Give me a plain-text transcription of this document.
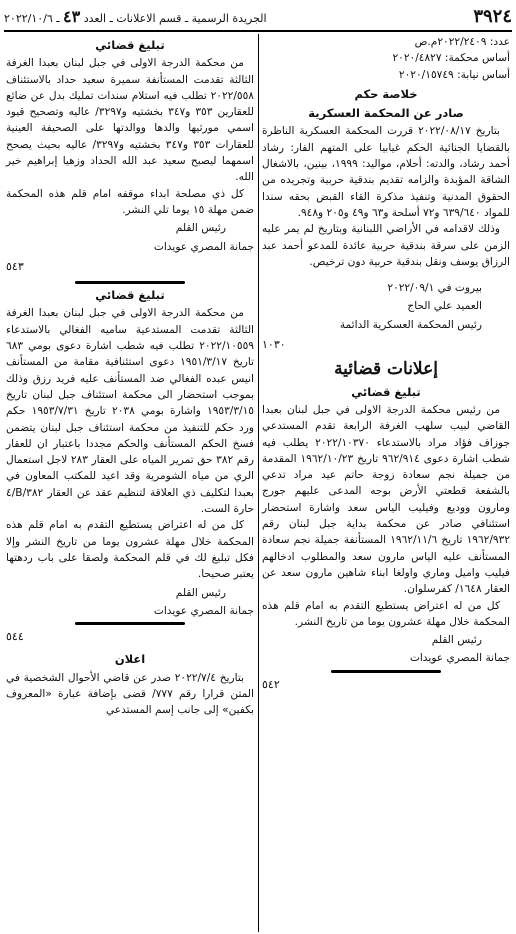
٣٩٢٤
الجريدة الرسمية ـ قسم الاعلانات ـ العدد ٤٣ ـ ٢٠٢٢/١٠/٦
عدد: ٢٠٢٢/٢٤٠٩م.ص
أساس محكمة: ٢٠٢٠/٤٨٢٧
أساس نيابة: ٢٠٢٠/١٥٧٤٩
خلاصة حكم
صادر عن المحكمة العسكرية

بتاريخ ٢٠٢٢/٠٨/١٧ قررت المحكمة العسكرية الناظرة بالقضايا الجنائية الحكم غيابيا على المتهم الفار: رشاد أحمد رشاد، والدته: أحلام، مواليد: ١٩٩٩، بينين، بالاشغال الشاقة المؤبدة والزامه تقديم بندقية حربية وتجريده من الحقوق المدنية وتنفيذ مذكرة القاء القبض بحقه سندا للمواد ٦٣٩/٦٤٠ و٧٢ أسلحة و٦٣ و٤٩ و٢٠٥ و٩٤٨.

وذلك لاقدامه في الأراضي اللبنانية وبتاريخ لم يمر عليه الزمن على سرقة بندقية حربية عائدة للمدعو أحمد عبد الرزاق يوسف ونقل بندقية حربية دون ترخيص.

بيروت في ٢٠٢٢/٠٩/١
العميد علي الحاج
رئيس المحكمة العسكرية الدائمة
١٠٣٠
إعلانات قضائية
تبليغ قضائي

من رئيس محكمة الدرجة الاولى في جبل لبنان بعبدا القاضي لبيب سلهب الغرفة الرابعة تقدم المستدعي جوزاف فؤاد مراد بالاستدعاء ٢٠٢٢/١٠٣٧٠ يطلب فيه شطب اشارة دعوى ٩٦٢/٩١٤ تاريخ ١٩٦٢/١٠/٢٣ المقدمة من جميلة نجم سعادة زوجة حاتم عيد مراد تدعي بالشفعة قطعتي الأرض بوجه المدعى عليهم جورج ومارون ووديع وفيليب الياس سعد واشارة استحضار استئنافي صادر عن محكمة بداية جبل لبنان رقم ١٩٦٢/٩٣٢ تاريخ ١٩٦٢/١١/٦ المستأنفة جميلة نجم سعادة المستأنف عليه الياس مارون سعد والمطلوب ادخالهم فيليب واميل وماري واولغا ابناء شاهين مارون سعد عن العقار ١٦٤٨/ كفرسلوان.

كل من له اعتراض يستطيع التقدم به امام قلم هذه المحكمة خلال مهلة عشرون يوما من تاريخ النشر.

رئيس القلم
جمانة المصري عويدات
٥٤٢
تبليغ قضائي

من محكمة الدرجة الاولى في جبل لبنان بعبدا الغرفة الثالثة تقدمت المستأنفة سميرة سعيد حداد بالاستئناف ٢٠٢٢/٥٥٨ تطلب فيه استلام سندات تمليك بدل عن ضائع للعقارين ٣٥٣ و٣٤٧ بخشتيه و٣٢٩٧/ عاليه وتصحيح قيود اسمي مورثيها والدها ووالدتها على الصحيفة العينية للعقارات ٣٥٣ و٣٤٧ بخشتيه و٣٢٩٧/ عاليه بحيث يصحح اسمهما ليصبح سعيد عبد الله الحداد وزهيا إبراهيم خير الله.

كل ذي مصلحة ابداء موقفه امام قلم هذه المحكمة ضمن مهلة ١٥ يوما تلي النشر.

رئيس القلم
جمانة المصري عويدات
٥٤٣
تبليغ قضائي

من محكمة الدرجة الاولى في جبل لبنان بعبدا الغرفة الثالثة تقدمت المستدعية ساميه الفغالي بالاستدعاء ٢٠٢٢/١٠٥٥٩ تطلب فيه شطب اشارة دعوى بومي ٦٨٣ تاريخ ١٩٥١/٣/١٧ دعوى استئنافية مقامة من المستأنف انيس عبده الفغالي ضد المستأنف عليه فريد رزق وذلك بموجب استحضار الى محكمة استئناف جبل لبنان تاريخ ١٩٥٣/٣/١٥ واشارة بومي ٢٠٣٨ تاريخ ١٩٥٣/٧/٣١ حكم ورد حكم للتنفيذ من محكمة استئناف جبل لبنان يتضمن فسخ الحكم المستأنف والحكم مجددا باعتبار ان للعقار رقم ٣٨٢ حق تمرير المياه على العقار ٢٨٣ لاجل استعمال الري من مياه الشومرية وقد اعيد للمكتب المعاون في بعبدا لتكليف ذي العلاقة لتنظيم عقد عن العقار ٣٨٢/B/٤ حارة الست.

كل من له اعتراض يستطيع التقدم به امام قلم هذه المحكمة خلال مهلة عشرون يوما من تاريخ النشر وإلا فكل تبليغ لك في قلم المحكمة ولصقا على باب ردهتها يعتبر صحيحا.

رئيس القلم
جمانة المصري عويدات
٥٤٤
اعلان

بتاريخ ٢٠٢٢/٧/٤ صدر عن قاضي الأحوال الشخصية في المتن قرارا رقم ٧٧٧/ قضى بإضافة عبارة «المعروف بكفين» إلى جانب إسم المستدعي
